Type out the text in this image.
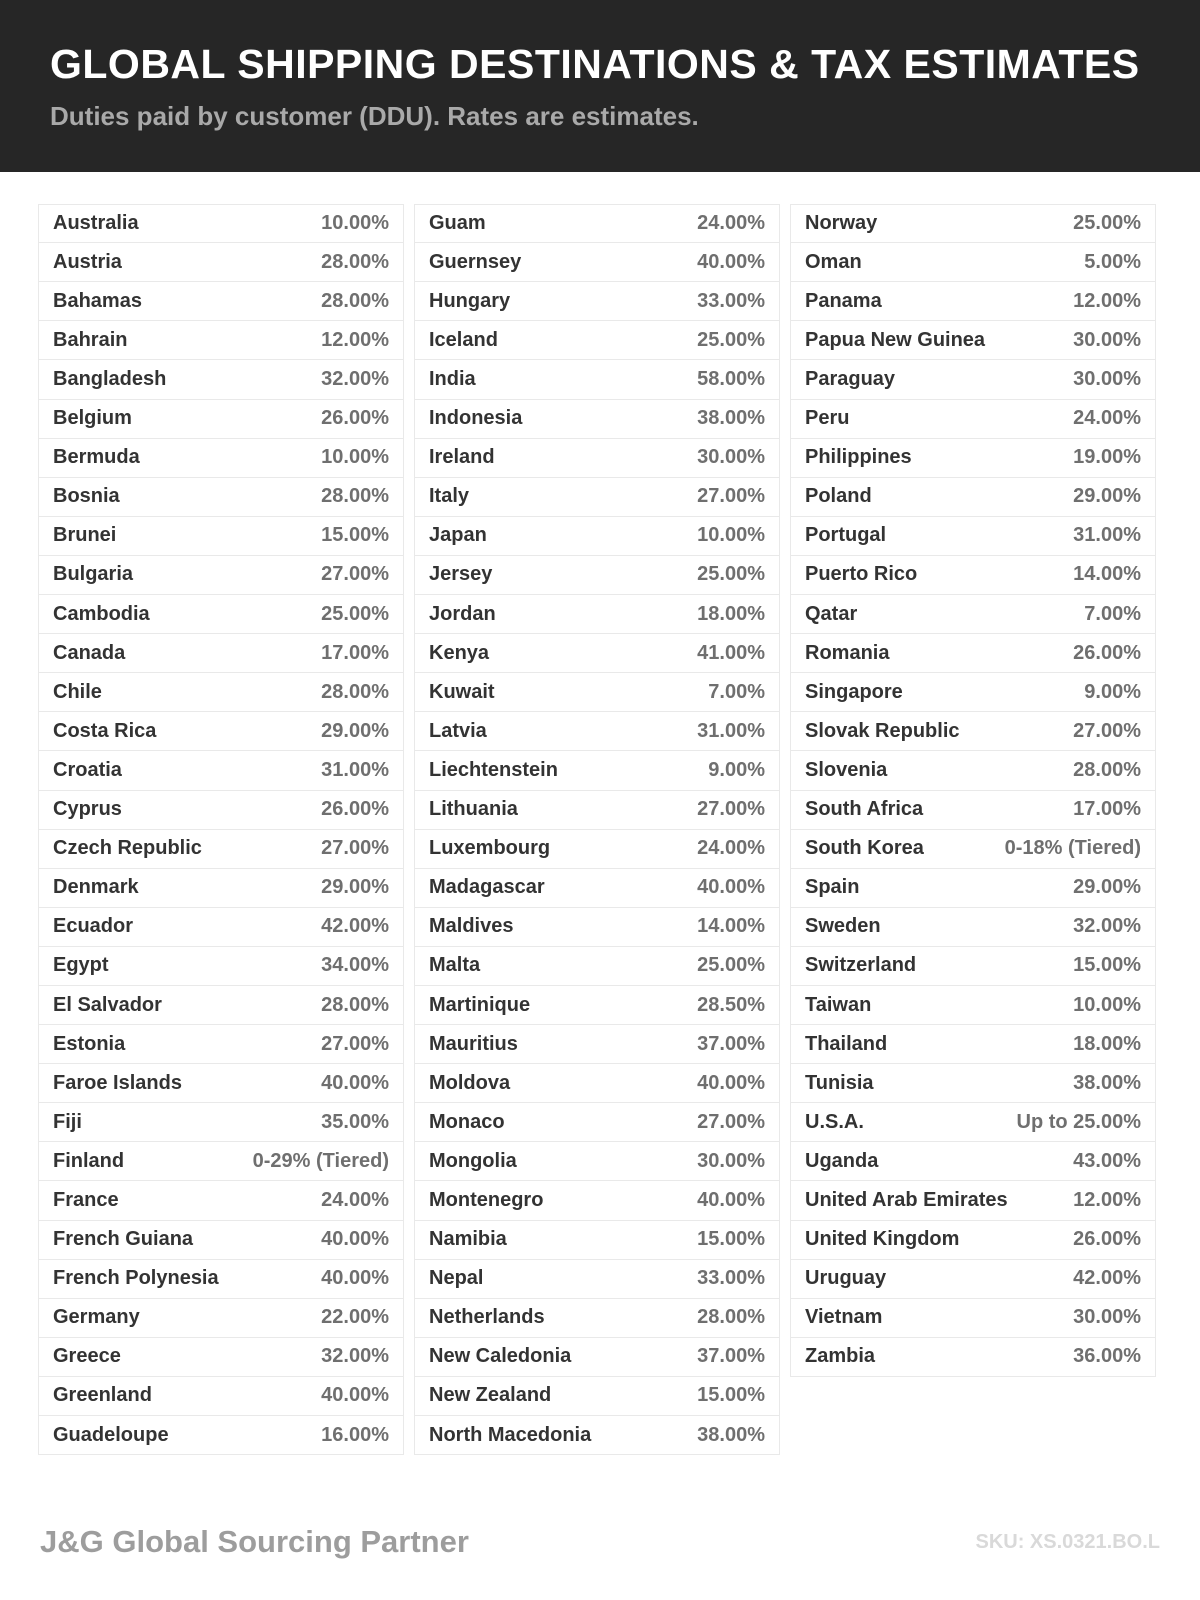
GLOBAL SHIPPING DESTINATIONS & TAX ESTIMATES

Duties paid by customer (DDU). Rates are estimates.

Australia	10.00%
Austria	28.00%
Bahamas	28.00%
Bahrain	12.00%
Bangladesh	32.00%
Belgium	26.00%
Bermuda	10.00%
Bosnia	28.00%
Brunei	15.00%
Bulgaria	27.00%
Cambodia	25.00%
Canada	17.00%
Chile	28.00%
Costa Rica	29.00%
Croatia	31.00%
Cyprus	26.00%
Czech Republic	27.00%
Denmark	29.00%
Ecuador	42.00%
Egypt	34.00%
El Salvador	28.00%
Estonia	27.00%
Faroe Islands	40.00%
Fiji	35.00%
Finland	0-29% (Tiered)
France	24.00%
French Guiana	40.00%
French Polynesia	40.00%
Germany	22.00%
Greece	32.00%
Greenland	40.00%
Guadeloupe	16.00%
Guam	24.00%
Guernsey	40.00%
Hungary	33.00%
Iceland	25.00%
India	58.00%
Indonesia	38.00%
Ireland	30.00%
Italy	27.00%
Japan	10.00%
Jersey	25.00%
Jordan	18.00%
Kenya	41.00%
Kuwait	7.00%
Latvia	31.00%
Liechtenstein	9.00%
Lithuania	27.00%
Luxembourg	24.00%
Madagascar	40.00%
Maldives	14.00%
Malta	25.00%
Martinique	28.50%
Mauritius	37.00%
Moldova	40.00%
Monaco	27.00%
Mongolia	30.00%
Montenegro	40.00%
Namibia	15.00%
Nepal	33.00%
Netherlands	28.00%
New Caledonia	37.00%
New Zealand	15.00%
North Macedonia	38.00%
Norway	25.00%
Oman	5.00%
Panama	12.00%
Papua New Guinea	30.00%
Paraguay	30.00%
Peru	24.00%
Philippines	19.00%
Poland	29.00%
Portugal	31.00%
Puerto Rico	14.00%
Qatar	7.00%
Romania	26.00%
Singapore	9.00%
Slovak Republic	27.00%
Slovenia	28.00%
South Africa	17.00%
South Korea	0-18% (Tiered)
Spain	29.00%
Sweden	32.00%
Switzerland	15.00%
Taiwan	10.00%
Thailand	18.00%
Tunisia	38.00%
U.S.A.	Up to 25.00%
Uganda	43.00%
United Arab Emirates	12.00%
United Kingdom	26.00%
Uruguay	42.00%
Vietnam	30.00%
Zambia	36.00%
J&G Global Sourcing Partner	SKU: XS.0321.BO.L
